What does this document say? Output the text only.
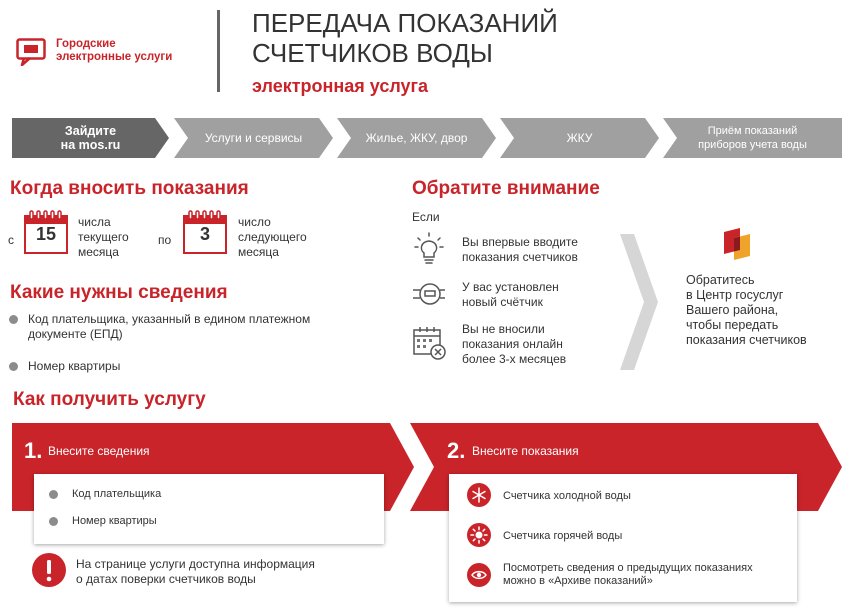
Городские
электронные услуги
ПЕРЕДАЧА ПОКАЗАНИЙ
СЧЕТЧИКОВ ВОДЫ
электронная услуга
Зайдите
на mos.ru	Услуги и сервисы	Жилье, ЖКУ, двор	ЖКУ	Приём показаний
приборов учета воды
Когда вносить показания
с	15
числа
текущего
месяца
по	3
число
следующего
месяца
Какие нужны сведения
Код плательщика, указанный в едином платежном
документе (ЕПД)
Номер квартиры
Обратите внимание
Если
Вы впервые вводите
показания счетчиков
У вас установлен
новый счётчик
Вы не вносили
показания онлайн
более 3-х месяцев
Обратитесь
в Центр госуслуг
Вашего района,
чтобы передать
показания счетчиков
Как получить услугу
1. Внесите сведения
Код плательщика
Номер квартиры
На странице услуги доступна информация
о датах поверки счетчиков воды
2. Внесите показания
Счетчика холодной воды
Счетчика горячей воды
Посмотреть сведения о предыдущих показаниях
можно в «Архиве показаний»
